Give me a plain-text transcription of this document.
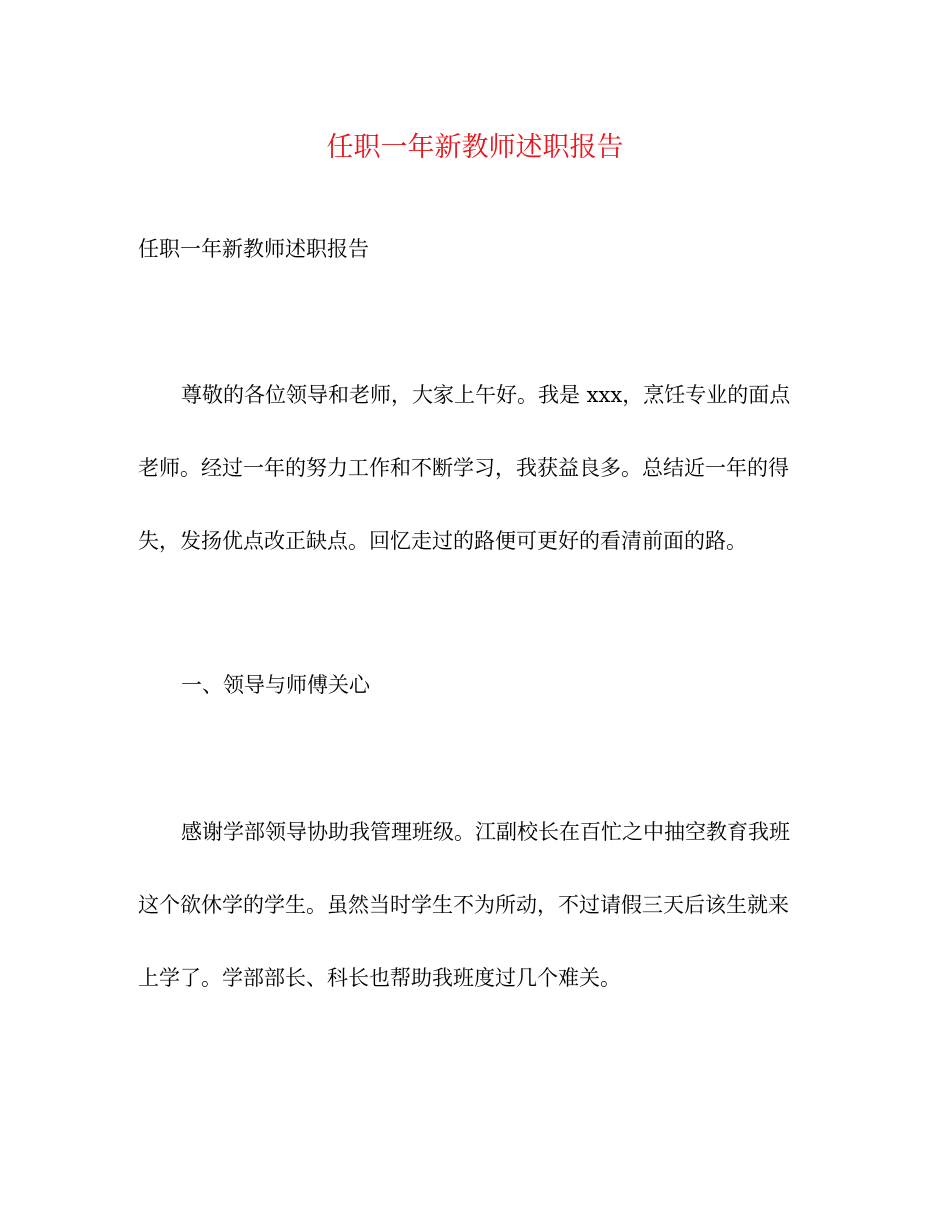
任职一年新教师述职报告
任职一年新教师述职报告
尊敬的各位领导和老师，大家上午好。我是 xxx，烹饪专业的面点
老师。经过一年的努力工作和不断学习，我获益良多。总结近一年的得
失，发扬优点改正缺点。回忆走过的路便可更好的看清前面的路。
一、领导与师傅关心
感谢学部领导协助我管理班级。江副校长在百忙之中抽空教育我班
这个欲休学的学生。虽然当时学生不为所动，不过请假三天后该生就来
上学了。学部部长、科长也帮助我班度过几个难关。
